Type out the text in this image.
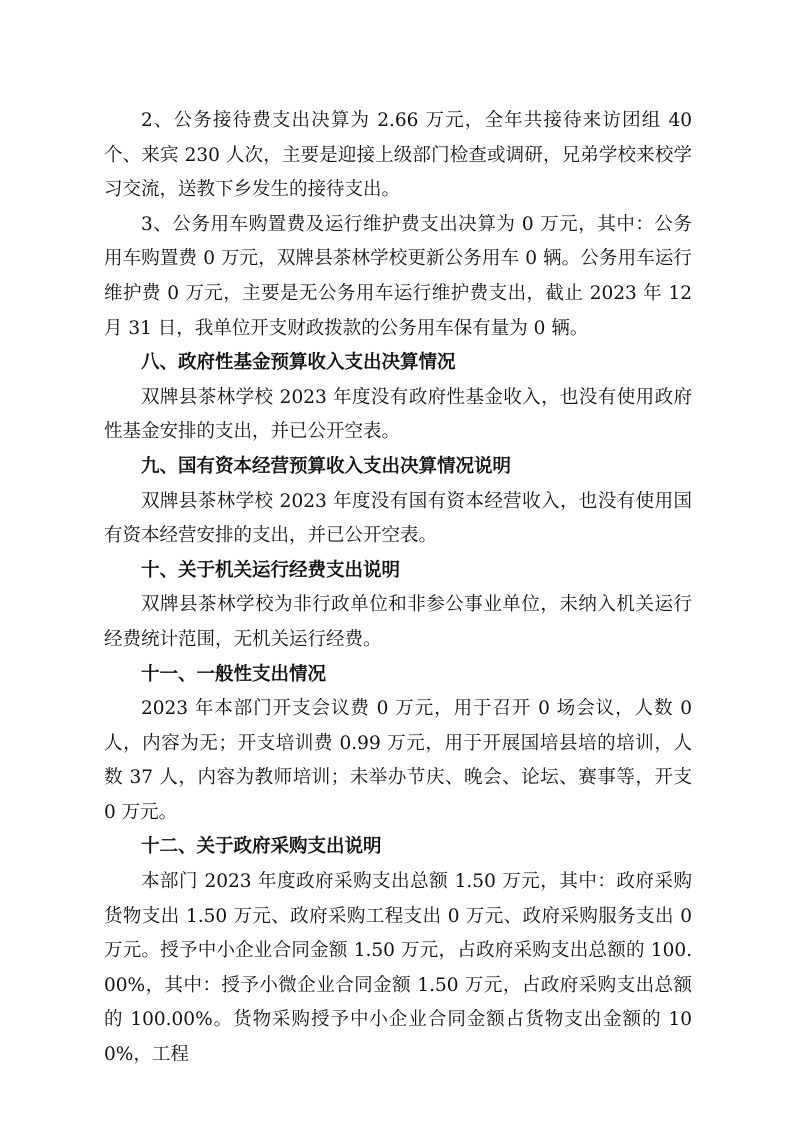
2、公务接待费支出决算为 2.66 万元，全年共接待来访团组 40 个、来宾 230 人次，主要是迎接上级部门检查或调研，兄弟学校来校学习交流，送教下乡发生的接待支出。

3、公务用车购置费及运行维护费支出决算为 0 万元，其中：公务用车购置费 0 万元，双牌县茶林学校更新公务用车 0 辆。公务用车运行维护费 0 万元，主要是无公务用车运行维护费支出，截止 2023 年 12 月 31 日，我单位开支财政拨款的公务用车保有量为 0 辆。

八、政府性基金预算收入支出决算情况

双牌县茶林学校 2023 年度没有政府性基金收入，也没有使用政府性基金安排的支出，并已公开空表。

九、国有资本经营预算收入支出决算情况说明

双牌县茶林学校 2023 年度没有国有资本经营收入，也没有使用国有资本经营安排的支出，并已公开空表。

十、关于机关运行经费支出说明

双牌县茶林学校为非行政单位和非参公事业单位，未纳入机关运行经费统计范围，无机关运行经费。

十一、一般性支出情况

2023 年本部门开支会议费 0 万元，用于召开 0 场会议，人数 0 人，内容为无；开支培训费 0.99 万元，用于开展国培县培的培训，人数 37 人，内容为教师培训；未举办节庆、晚会、论坛、赛事等，开支 0 万元。

十二、关于政府采购支出说明

本部门 2023 年度政府采购支出总额 1.50 万元，其中：政府采购货物支出 1.50 万元、政府采购工程支出 0 万元、政府采购服务支出 0 万元。授予中小企业合同金额 1.50 万元，占政府采购支出总额的 100.00%，其中：授予小微企业合同金额 1.50 万元，占政府采购支出总额的 100.00%。货物采购授予中小企业合同金额占货物支出金额的 100%，工程
